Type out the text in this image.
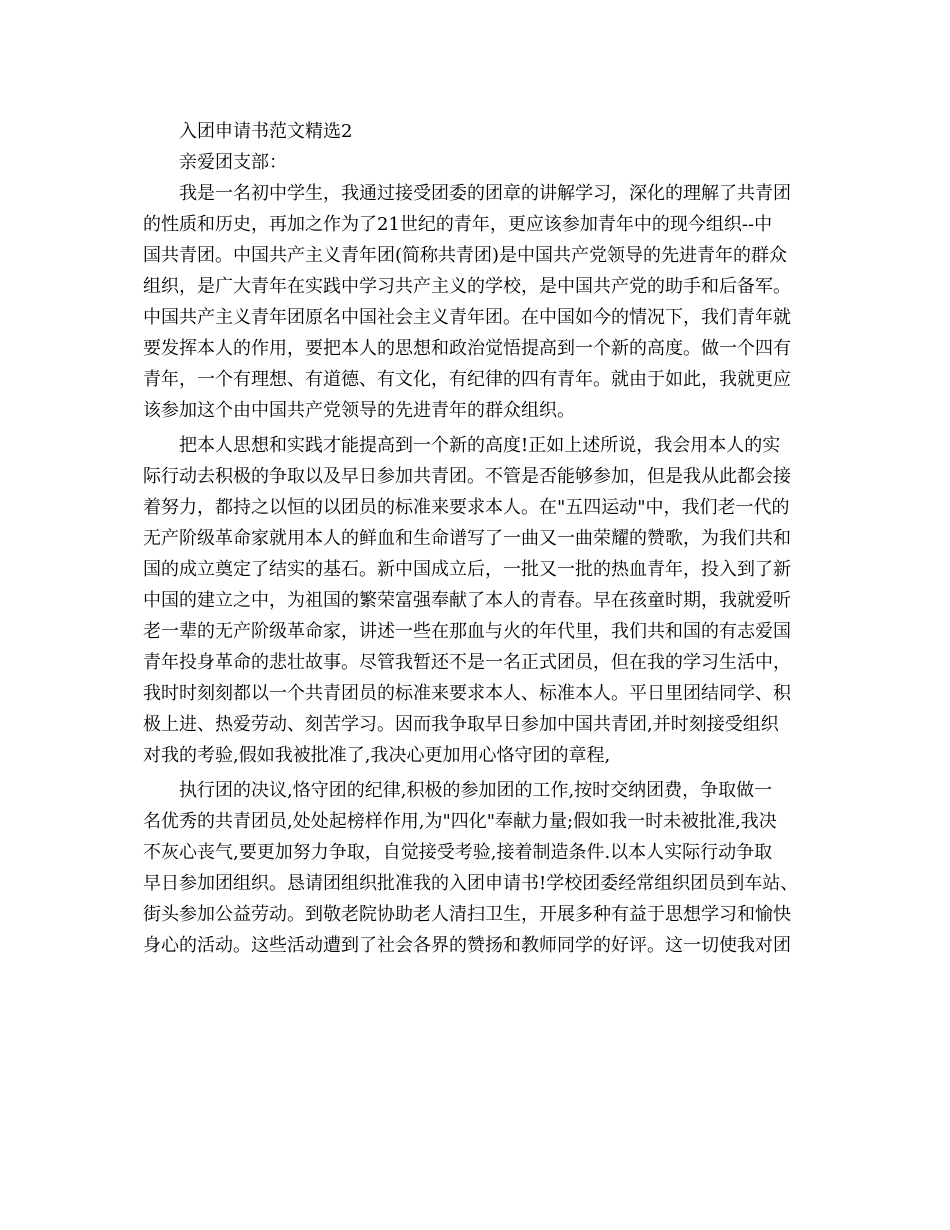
入团申请书范文精选2
亲爱团支部：
我是一名初中学生，我通过接受团委的团章的讲解学习，深化的理解了共青团
的性质和历史，再加之作为了21世纪的青年，更应该参加青年中的现今组织--中
国共青团。中国共产主义青年团(简称共青团)是中国共产党领导的先进青年的群众
组织，是广大青年在实践中学习共产主义的学校，是中国共产党的助手和后备军。
中国共产主义青年团原名中国社会主义青年团。在中国如今的情况下，我们青年就
要发挥本人的作用，要把本人的思想和政治觉悟提高到一个新的高度。做一个四有
青年，一个有理想、有道德、有文化，有纪律的四有青年。就由于如此，我就更应
该参加这个由中国共产党领导的先进青年的群众组织。
把本人思想和实践才能提高到一个新的高度!正如上述所说，我会用本人的实
际行动去积极的争取以及早日参加共青团。不管是否能够参加，但是我从此都会接
着努力，都持之以恒的以团员的标准来要求本人。在"五四运动"中，我们老一代的
无产阶级革命家就用本人的鲜血和生命谱写了一曲又一曲荣耀的赞歌，为我们共和
国的成立奠定了结实的基石。新中国成立后，一批又一批的热血青年，投入到了新
中国的建立之中，为祖国的繁荣富强奉献了本人的青春。早在孩童时期，我就爱听
老一辈的无产阶级革命家，讲述一些在那血与火的年代里，我们共和国的有志爱国
青年投身革命的悲壮故事。尽管我暂还不是一名正式团员，但在我的学习生活中，
我时时刻刻都以一个共青团员的标准来要求本人、标准本人。平日里团结同学、积
极上进、热爱劳动、刻苦学习。因而我争取早日参加中国共青团,并时刻接受组织
对我的考验,假如我被批准了,我决心更加用心恪守团的章程,
执行团的决议,恪守团的纪律,积极的参加团的工作,按时交纳团费，争取做一
名优秀的共青团员,处处起榜样作用,为"四化"奉献力量;假如我一时未被批准,我决
不灰心丧气,要更加努力争取，自觉接受考验,接着制造条件.以本人实际行动争取
早日参加团组织。恳请团组织批准我的入团申请书!学校团委经常组织团员到车站、
街头参加公益劳动。到敬老院协助老人清扫卫生，开展多种有益于思想学习和愉快
身心的活动。这些活动遭到了社会各界的赞扬和教师同学的好评。这一切使我对团
